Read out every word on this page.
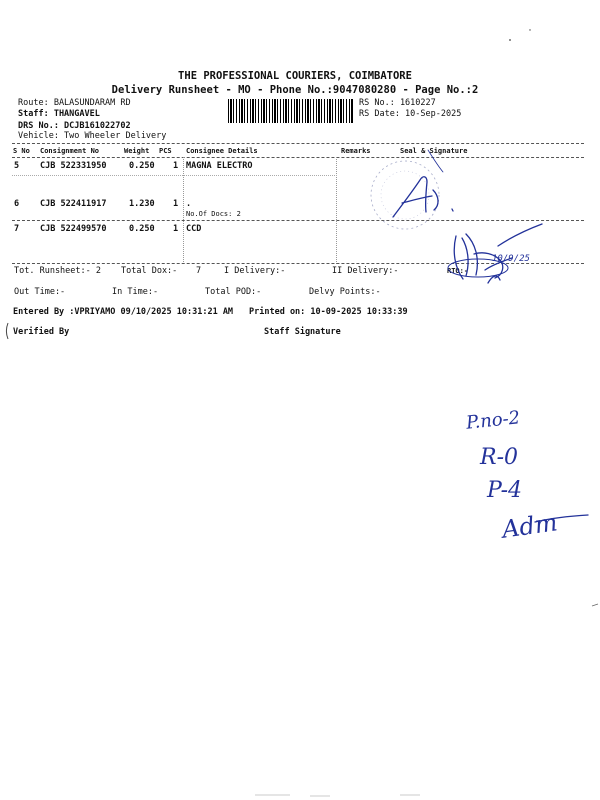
THE PROFESSIONAL COURIERS, COIMBATORE
Delivery Runsheet - MO - Phone No.:9047080280 - Page No.:2
Route: BALASUNDARAM RD
Staff: THANGAVEL
DRS No.: DCJB161022702
Vehicle: Two Wheeler Delivery
RS No.: 1610227
RS Date: 10-Sep-2025
S No Consignment No	Weight PCS Consignee Details	Remarks	Seal & Signature
5 CJB 522331950	0.250 1 MAGNA ELECTRO
6 CJB 522411917	1.230 1 .
No.Of Docs: 2
7 CJB 522499570	0.250 1 CCD
Tot. Runsheet:- 2 Total Dox:- 7	I Delivery:-	II Delivery:-	RTO:-
Out Time:-	In Time:-	Total POD:-	Delvy Points:-
Entered By :VPRIYAMO 09/10/2025 10:31:21 AM Printed on: 10-09-2025 10:33:39
Verified By	Staff Signature
10/9/25
P.no-2
R-0
P-4
Adm
